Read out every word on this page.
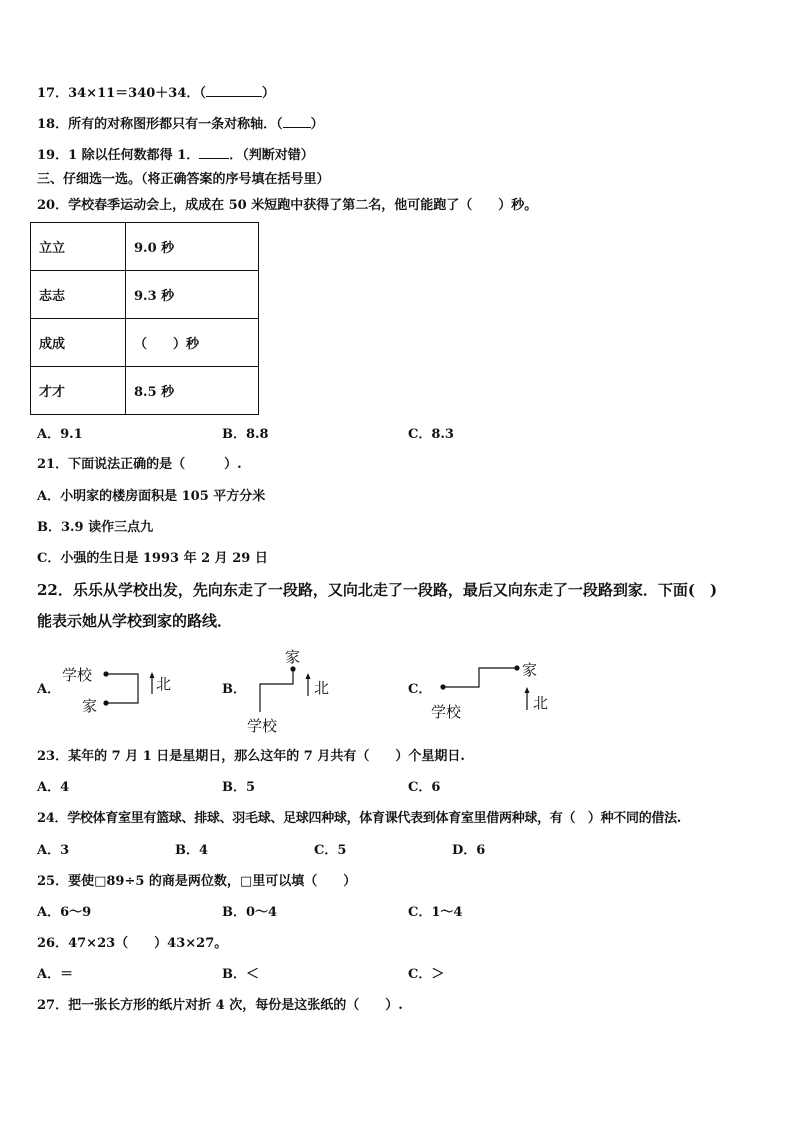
17．34×11＝340＋34．（	）
18．所有的对称图形都只有一条对称轴．（ ）
19．1 除以任何数都得 1． ．（判断对错）
三、仔细选一选。（将正确答案的序号填在括号里）
20．学校春季运动会上，成成在 50 米短跑中获得了第二名，他可能跑了（　　）秒。
立立	9.0 秒
志志	9.3 秒
成成	（　　）秒
才才	8.5 秒
A．9.1	B．8.8	C．8.3
21．下面说法正确的是（　　　）.
A．小明家的楼房面积是 105 平方分米
B．3.9 读作三点九
C．小强的生日是 1993 年 2 月 29 日
22．乐乐从学校出发，先向东走了一段路，又向北走了一段路，最后又向东走了一段路到家．下面(　)
能表示她从学校到家的路线．
A．
学校
家
北	B．
家
学校
北	C．
家
学校	北
23．某年的 7 月 1 日是星期日，那么这年的 7 月共有（　　）个星期日.
A．4	B．5	C．6
24．学校体育室里有篮球、排球、羽毛球、足球四种球，体育课代表到体育室里借两种球，有（　）种不同的借法.
A．3	B．4	C．5	D．6
25．要使□89÷5 的商是两位数，□里可以填（　　）
A．6～9	B．0～4	C．1～4
26．47×23（　　）43×27。
A．＝	B．＜	C．＞
27．把一张长方形的纸片对折 4 次，每份是这张纸的（　　）.
